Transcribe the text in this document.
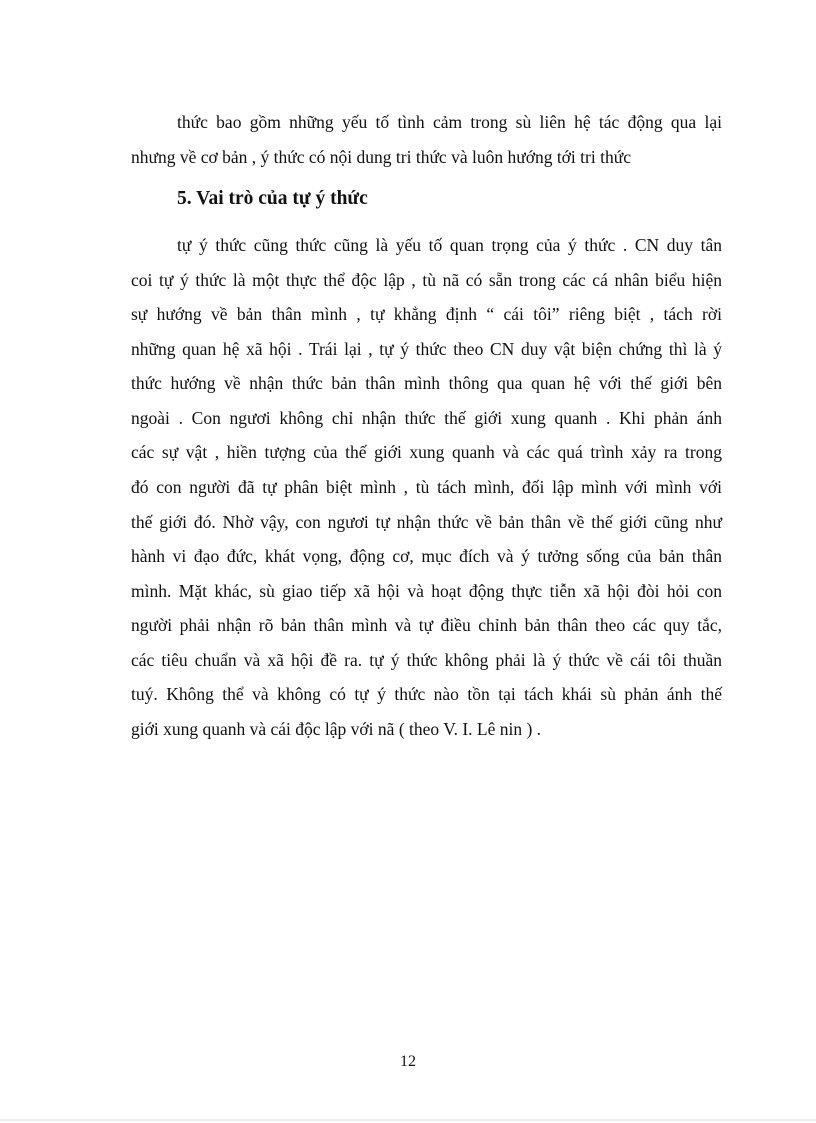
thức bao gồm những yếu tố tình cảm trong sù liên hệ tác động qua lại
nhưng về cơ bản , ý thức có nội dung tri thức và luôn hướng tới tri thức
5. Vai trò của tự ý thức
tự ý thức cũng thức cũng là yếu tố quan trọng của ý thức . CN duy tân
coi tự ý thức là một thực thể độc lập , tù nã có sẵn trong các cá nhân biểu hiện
sự hướng về bản thân mình , tự khẳng định “ cái tôi” riêng biệt , tách rời
những quan hệ xã hội . Trái lại , tự ý thức theo CN duy vật biện chứng thì là ý
thức hướng về nhận thức bản thân mình thông qua quan hệ với thế giới bên
ngoài . Con ngươi không chỉ nhận thức thế giới xung quanh . Khi phản ánh
các sự vật , hiền tượng của thế giới xung quanh và các quá trình xảy ra trong
đó con người đã tự phân biệt mình , tù tách mình, đối lập mình với mình với
thế giới đó. Nhờ vậy, con ngươi tự nhận thức về bản thân về thế giới cũng như
hành vi đạo đức, khát vọng, động cơ, mục đích và ý tưởng sống của bản thân
mình. Mặt khác, sù giao tiếp xã hội và hoạt động thực tiễn xã hội đòi hỏi con
người phải nhận rõ bản thân mình và tự điều chỉnh bản thân theo các quy tắc,
các tiêu chuẩn và xã hội đề ra. tự ý thức không phải là ý thức về cái tôi thuần
tuý. Không thể và không có tự ý thức nào tồn tại tách khái sù phản ánh thế
giới xung quanh và cái độc lập với nã ( theo V. I. Lê nin ) .
12
